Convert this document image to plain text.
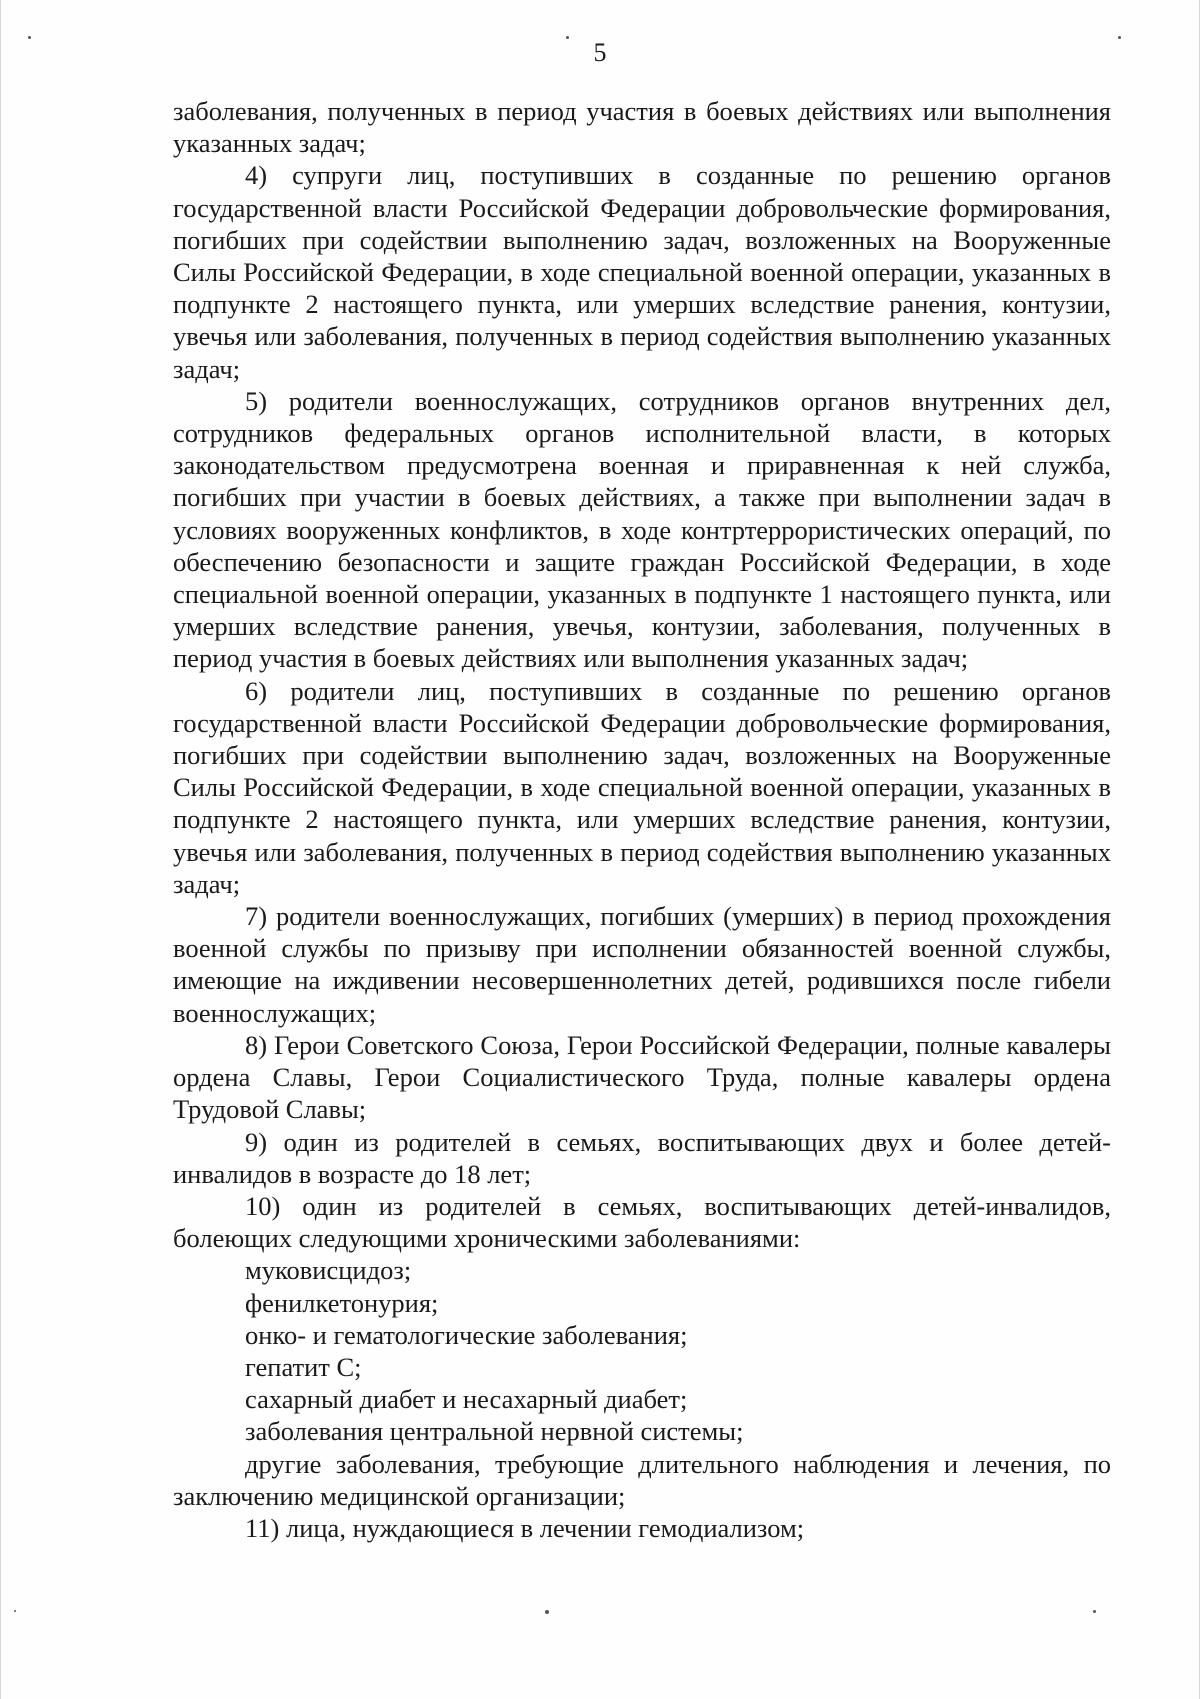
5

заболевания, полученных в период участия в боевых действиях или выполнения указанных задач;

4) супруги лиц, поступивших в созданные по решению органов государственной власти Российской Федерации добровольческие формирования, погибших при содействии выполнению задач, возложенных на Вооруженные Силы Российской Федерации, в ходе специальной военной операции, указанных в подпункте 2 настоящего пункта, или умерших вследствие ранения, контузии, увечья или заболевания, полученных в период содействия выполнению указанных задач;

5) родители военнослужащих, сотрудников органов внутренних дел, сотрудников федеральных органов исполнительной власти, в которых законодательством предусмотрена военная и приравненная к ней служба, погибших при участии в боевых действиях, а также при выполнении задач в условиях вооруженных конфликтов, в ходе контртеррористических операций, по обеспечению безопасности и защите граждан Российской Федерации, в ходе специальной военной операции, указанных в подпункте 1 настоящего пункта, или умерших вследствие ранения, увечья, контузии, заболевания, полученных в период участия в боевых действиях или выполнения указанных задач;

6) родители лиц, поступивших в созданные по решению органов государственной власти Российской Федерации добровольческие формирования, погибших при содействии выполнению задач, возложенных на Вооруженные Силы Российской Федерации, в ходе специальной военной операции, указанных в подпункте 2 настоящего пункта, или умерших вследствие ранения, контузии, увечья или заболевания, полученных в период содействия выполнению указанных задач;

7) родители военнослужащих, погибших (умерших) в период прохождения военной службы по призыву при исполнении обязанностей военной службы, имеющие на иждивении несовершеннолетних детей, родившихся после гибели военнослужащих;

8) Герои Советского Союза, Герои Российской Федерации, полные кавалеры ордена Славы, Герои Социалистического Труда, полные кавалеры ордена Трудовой Славы;

9) один из родителей в семьях, воспитывающих двух и более детей-инвалидов в возрасте до 18 лет;

10) один из родителей в семьях, воспитывающих детей-инвалидов, болеющих следующими хроническими заболеваниями:

муковисцидоз;

фенилкетонурия;

онко- и гематологические заболевания;

гепатит С;

сахарный диабет и несахарный диабет;

заболевания центральной нервной системы;

другие заболевания, требующие длительного наблюдения и лечения, по заключению медицинской организации;

11) лица, нуждающиеся в лечении гемодиализом;
